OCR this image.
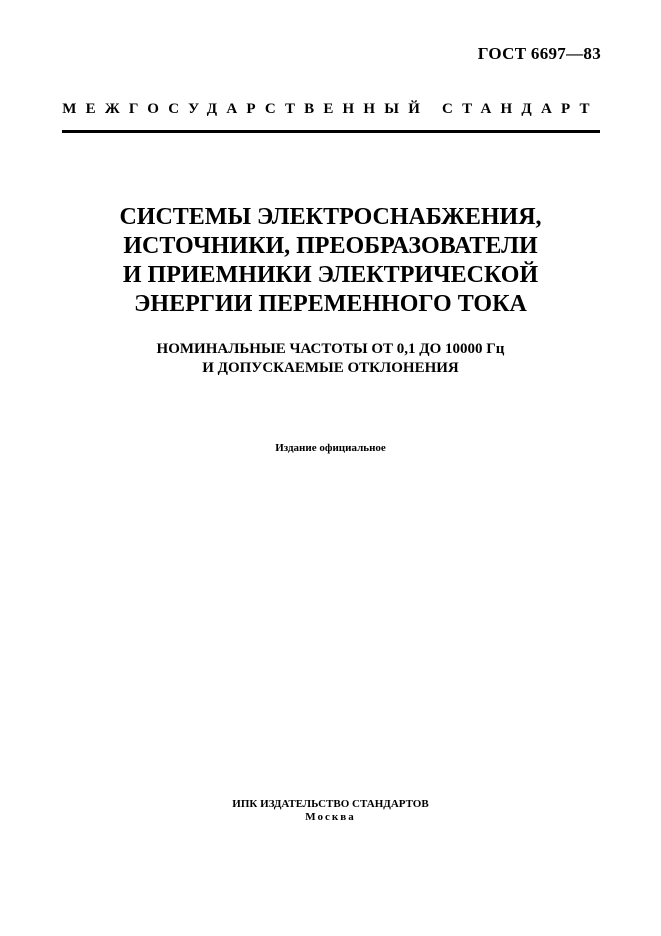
ГОСТ 6697—83
МЕЖГОСУДАРСТВЕННЫЙ СТАНДАРТ
СИСТЕМЫ ЭЛЕКТРОСНАБЖЕНИЯ,
ИСТОЧНИКИ, ПРЕОБРАЗОВАТЕЛИ
И ПРИЕМНИКИ ЭЛЕКТРИЧЕСКОЙ
ЭНЕРГИИ ПЕРЕМЕННОГО ТОКА
НОМИНАЛЬНЫЕ ЧАСТОТЫ ОТ 0,1 ДО 10000 Гц
И ДОПУСКАЕМЫЕ ОТКЛОНЕНИЯ
Издание официальное
ИПК ИЗДАТЕЛЬСТВО СТАНДАРТОВ
Москва
